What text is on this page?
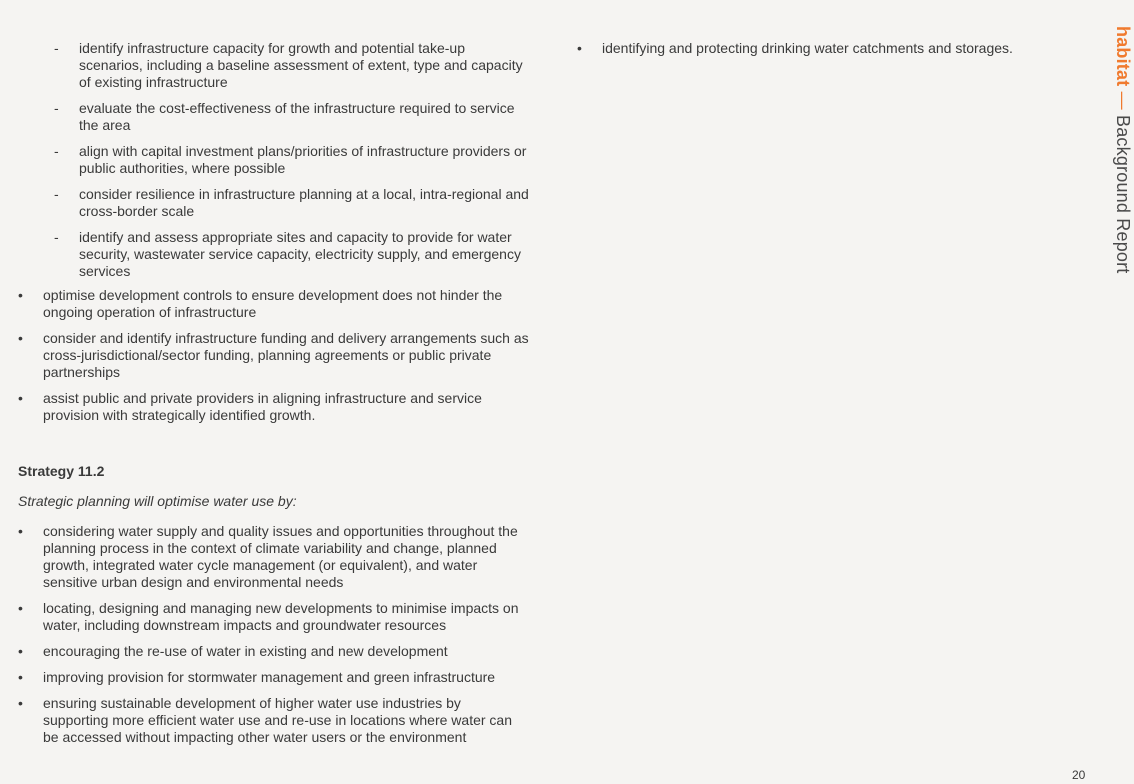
- identify infrastructure capacity for growth and potential take-up scenarios, including a baseline assessment of extent, type and capacity of existing infrastructure
- evaluate the cost-effectiveness of the infrastructure required to service the area
- align with capital investment plans/priorities of infrastructure providers or public authorities, where possible
- consider resilience in infrastructure planning at a local, intra-regional and cross-border scale
- identify and assess appropriate sites and capacity to provide for water security, wastewater service capacity, electricity supply, and emergency services
• optimise development controls to ensure development does not hinder the ongoing operation of infrastructure
• consider and identify infrastructure funding and delivery arrangements such as cross-jurisdictional/sector funding, planning agreements or public private partnerships
• assist public and private providers in aligning infrastructure and service provision with strategically identified growth.

Strategy 11.2

Strategic planning will optimise water use by:

• considering water supply and quality issues and opportunities throughout the planning process in the context of climate variability and change, planned growth, integrated water cycle management (or equivalent), and water sensitive urban design and environmental needs
• locating, designing and managing new developments to minimise impacts on water, including downstream impacts and groundwater resources
• encouraging the re-use of water in existing and new development
• improving provision for stormwater management and green infrastructure
• ensuring sustainable development of higher water use industries by supporting more efficient water use and re-use in locations where water can be accessed without impacting other water users or the environment
• identifying and protecting drinking water catchments and storages.	habitat — Background Report
20
